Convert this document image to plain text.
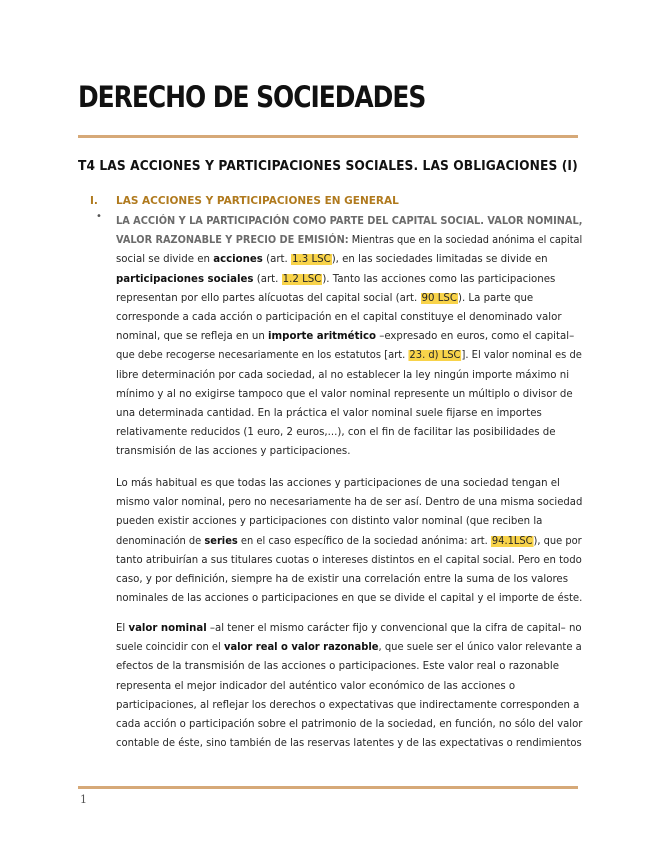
DERECHO DE SOCIEDADES
T4 LAS ACCIONES Y PARTICIPACIONES SOCIALES. LAS OBLIGACIONES (I)
I. LAS ACCIONES Y PARTICIPACIONES EN GENERAL
• LA ACCIÓN Y LA PARTICIPACIÓN COMO PARTE DEL CAPITAL SOCIAL. VALOR NOMINAL,
VALOR RAZONABLE Y PRECIO DE EMISIÓN: Mientras que en la sociedad anónima el capital
social se divide en acciones (art. 1.3 LSC), en las sociedades limitadas se divide en
participaciones sociales (art. 1.2 LSC). Tanto las acciones como las participaciones
representan por ello partes alícuotas del capital social (art. 90 LSC). La parte que
corresponde a cada acción o participación en el capital constituye el denominado valor
nominal, que se refleja en un importe aritmético –expresado en euros, como el capital–
que debe recogerse necesariamente en los estatutos [art. 23. d) LSC]. El valor nominal es de
libre determinación por cada sociedad, al no establecer la ley ningún importe máximo ni
mínimo y al no exigirse tampoco que el valor nominal represente un múltiplo o divisor de
una determinada cantidad. En la práctica el valor nominal suele fijarse en importes
relativamente reducidos (1 euro, 2 euros,...), con el fin de facilitar las posibilidades de
transmisión de las acciones y participaciones.
Lo más habitual es que todas las acciones y participaciones de una sociedad tengan el
mismo valor nominal, pero no necesariamente ha de ser así. Dentro de una misma sociedad
pueden existir acciones y participaciones con distinto valor nominal (que reciben la
denominación de series en el caso específico de la sociedad anónima: art. 94.1LSC), que por
tanto atribuirían a sus titulares cuotas o intereses distintos en el capital social. Pero en todo
caso, y por definición, siempre ha de existir una correlación entre la suma de los valores
nominales de las acciones o participaciones en que se divide el capital y el importe de éste.
El valor nominal –al tener el mismo carácter fijo y convencional que la cifra de capital– no
suele coincidir con el valor real o valor razonable, que suele ser el único valor relevante a
efectos de la transmisión de las acciones o participaciones. Este valor real o razonable
representa el mejor indicador del auténtico valor económico de las acciones o
participaciones, al reflejar los derechos o expectativas que indirectamente corresponden a
cada acción o participación sobre el patrimonio de la sociedad, en función, no sólo del valor
contable de éste, sino también de las reservas latentes y de las expectativas o rendimientos
1
